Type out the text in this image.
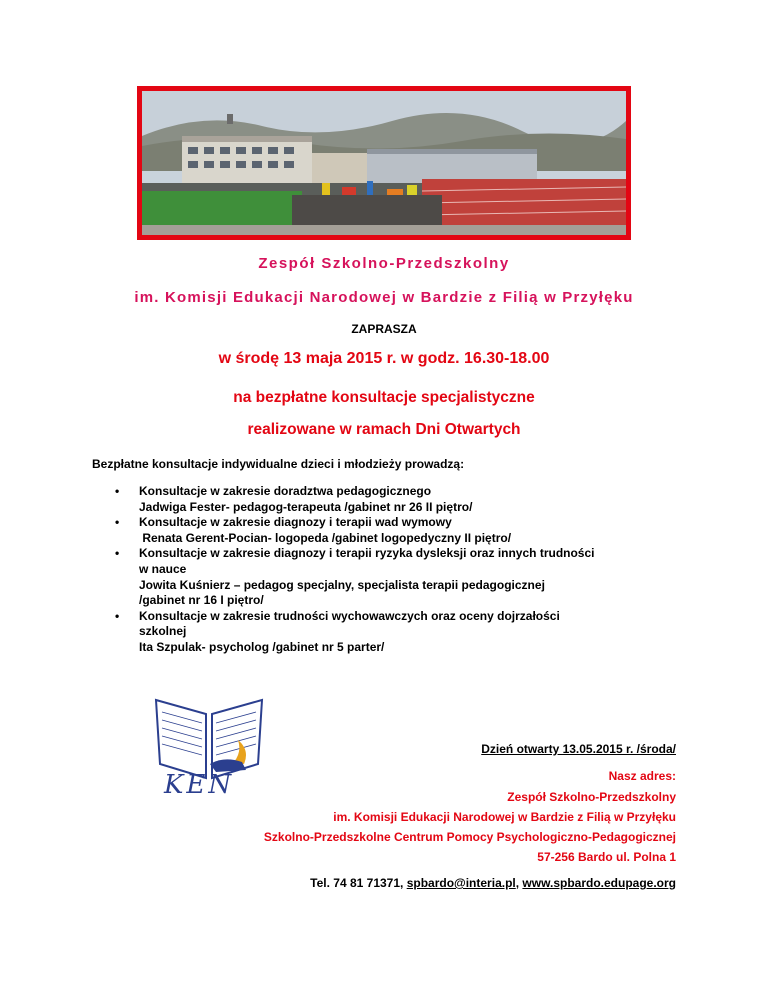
Zespół Szkolno-Przedszkolny
im. Komisji Edukacji Narodowej w Bardzie z Filią w Przyłęku
ZAPRASZA
w środę 13 maja 2015 r. w godz. 16.30-18.00
na bezpłatne konsultacje specjalistyczne
realizowane w ramach Dni Otwartych
Bezpłatne konsultacje indywidualne dzieci i młodzieży prowadzą:
• Konsultacje w zakresie doradztwa pedagogicznego
Jadwiga Fester- pedagog-terapeuta /gabinet nr 26 II piętro/
• Konsultacje w zakresie diagnozy i terapii wad wymowy
Renata Gerent-Pocian- logopeda /gabinet logopedyczny II piętro/
• Konsultacje w zakresie diagnozy i terapii ryzyka dysleksji oraz innych trudności
w nauce
Jowita Kuśnierz – pedagog specjalny, specjalista terapii pedagogicznej
/gabinet nr 16 I piętro/
• Konsultacje w zakresie trudności wychowawczych oraz oceny dojrzałości
szkolnej
Ita Szpulak- psycholog /gabinet nr 5 parter/
KEN
Dzień otwarty 13.05.2015 r. /środa/
Nasz adres:
Zespół Szkolno-Przedszkolny
im. Komisji Edukacji Narodowej w Bardzie z Filią w Przyłęku
Szkolno-Przedszkolne Centrum Pomocy Psychologiczno-Pedagogicznej
57-256 Bardo ul. Polna 1
Tel. 74 81 71371, spbardo@interia.pl, www.spbardo.edupage.org
